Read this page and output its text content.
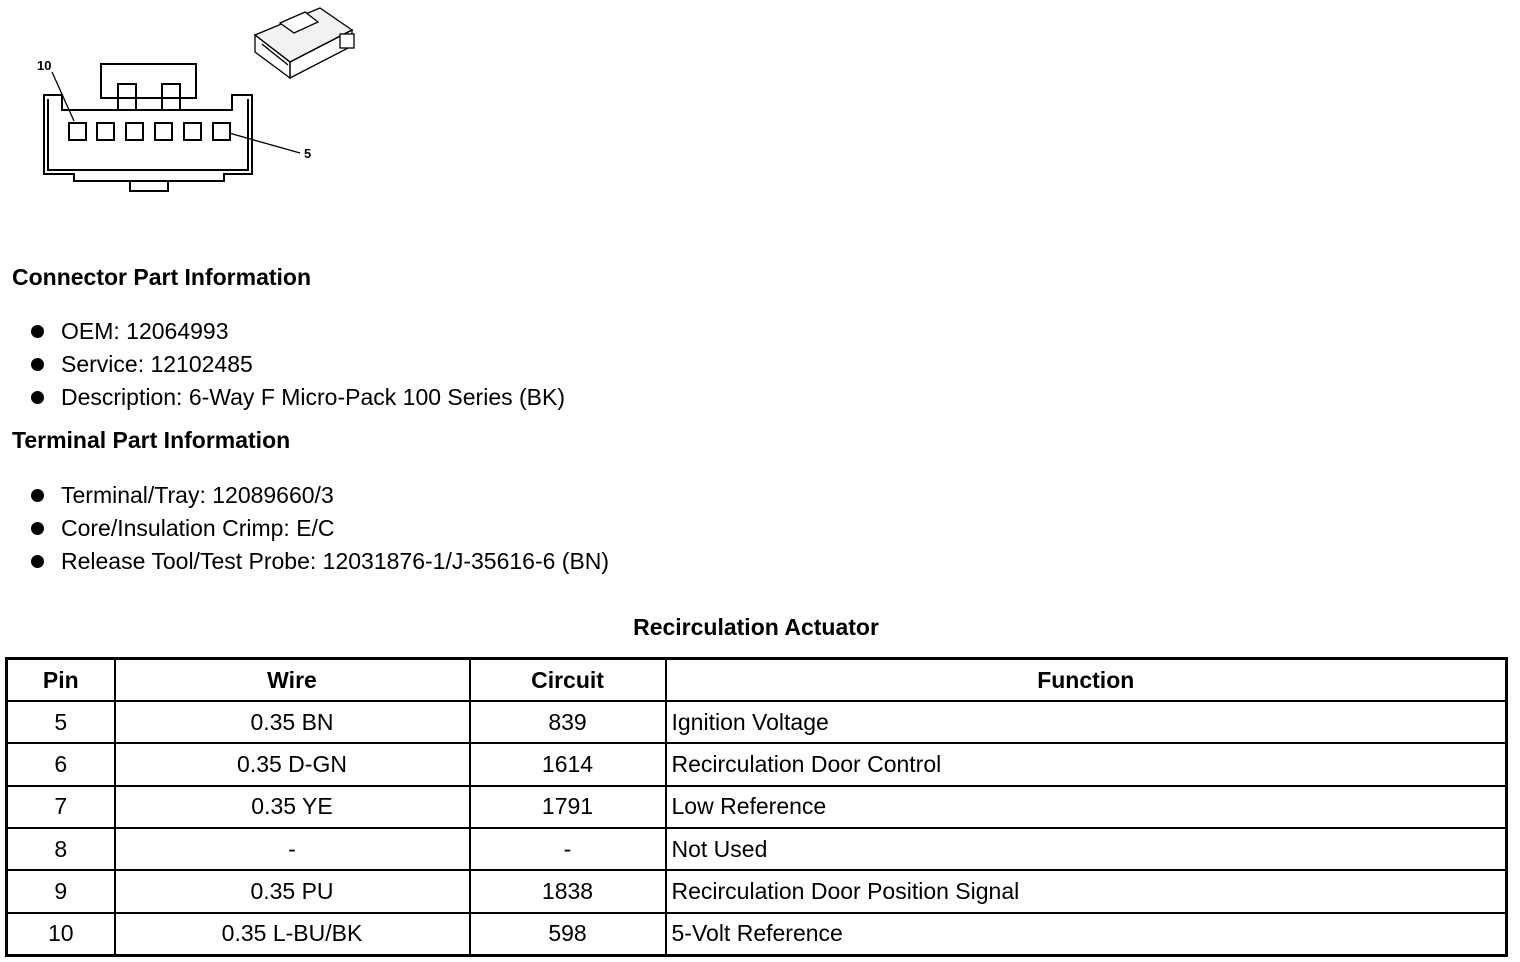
10
5
Connector Part Information
OEM: 12064993
Service: 12102485
Description: 6-Way F Micro-Pack 100 Series (BK)
Terminal Part Information
Terminal/Tray: 12089660/3
Core/Insulation Crimp: E/C
Release Tool/Test Probe: 12031876-1/J-35616-6 (BN)
Recirculation Actuator
Pin	Wire	Circuit	Function
5	0.35 BN	839	Ignition Voltage
6	0.35 D-GN	1614	Recirculation Door Control
7	0.35 YE	1791	Low Reference
8	-	-	Not Used
9	0.35 PU	1838	Recirculation Door Position Signal
10	0.35 L-BU/BK	598	5-Volt Reference
